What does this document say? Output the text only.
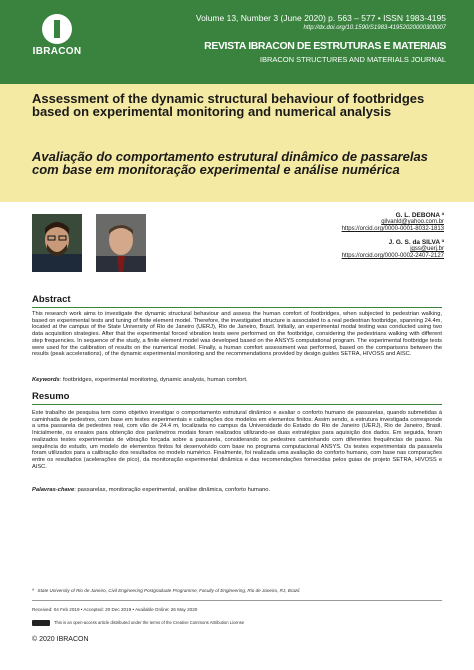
IBRACON
Volume 13, Number 3 (June 2020) p. 563 – 577 • ISSN 1983-4195
http://dx.doi.org/10.1590/S1983-41952020000300007
REVISTA IBRACON DE ESTRUTURAS E MATERIAIS
IBRACON STRUCTURES AND MATERIALS JOURNAL
Assessment of the dynamic structural behaviour of footbridges based on experimental monitoring and numerical analysis
Avaliação do comportamento estrutural dinâmico de passarelas com base em monitoração experimental e análise numérica
G. L. DEBONA ª
gilvanld@yahoo.com.br
https://orcid.org/0000-0001-8032-1813
J. G. S. da SILVA ª
jgss@uerj.br
https://orcid.org/0000-0002-2407-2127
Abstract
This research work aims to investigate the dynamic structural behaviour and assess the human comfort of footbridges, when subjected to pedestrian walking, based on experimental tests and tuning of finite element model. Therefore, the investigated structure is associated to a real pedestrian footbridge, spanning 24.4m, located at the campus of the State University of Rio de Janeiro (UERJ), Rio de Janeiro, Brazil. Initially, an experimental modal testing was conducted using two data acquisition strategies. After that the experimental forced vibration tests were performed on the footbridge, considering the pedestrians walking with different step frequencies. In sequence of the study, a finite element model was developed based on the ANSYS computational program. The experimental footbridge tests were used for the calibration of results on the numerical model. Finally, a human comfort assessment was performed, based on the comparisons between the results (peak accelerations), of the dynamic experimental monitoring and the recommendations provided by design guides SETRA, HIVOSS and AISC.
Keywords: footbridges, experimental monitoring, dynamic analysis, human comfort.
Resumo
Este trabalho de pesquisa tem como objetivo investigar o comportamento estrutural dinâmico e avaliar o conforto humano de passarelas, quando submetidas à caminhada de pedestres, com base em testes experimentais e calibrações dos modelos em elementos finitos. Assim sendo, a estrutura investigada corresponde a uma passarela de pedestres real, com vão de 24.4 m, localizada no campus da Universidade do Estado do Rio de Janeiro (UERJ), Rio de Janeiro, Brasil. Inicialmente, os ensaios para obtenção dos parâmetros modais foram realizados utilizando-se duas estratégias para aquisição dos dados. Em seguida, foram realizados testes experimentais de vibração forçada sobre a passarela, considerando os pedestres caminhando com diferentes frequências de passo. Na sequência do estudo, um modelo de elementos finitos foi desenvolvido com base no programa computacional ANSYS. Os testes experimentais da passarela foram utilizados para a calibração dos resultados no modelo numérico. Finalmente, foi realizada uma avaliação do conforto humano, com base nas comparações entre os resultados (acelerações de pico), da monitoração experimental dinâmica e das recomendações fornecidas pelos guias de projeto SETRA, HIVOSS e AISC.
Palavras-chave: passarelas, monitoração experimental, análise dinâmica, conforto humano.
ª State University of Rio de Janeiro, Civil Engineering Postgraduate Programme, Faculty of Engineering, Rio de Janeiro, RJ, Brazil.
Received: 04 Feb 2019 • Accepted: 20 Dec 2019 • Available Online: 26 May 2020
This is an open-access article distributed under the terms of the Creative Commons Attribution License
© 2020 IBRACON
